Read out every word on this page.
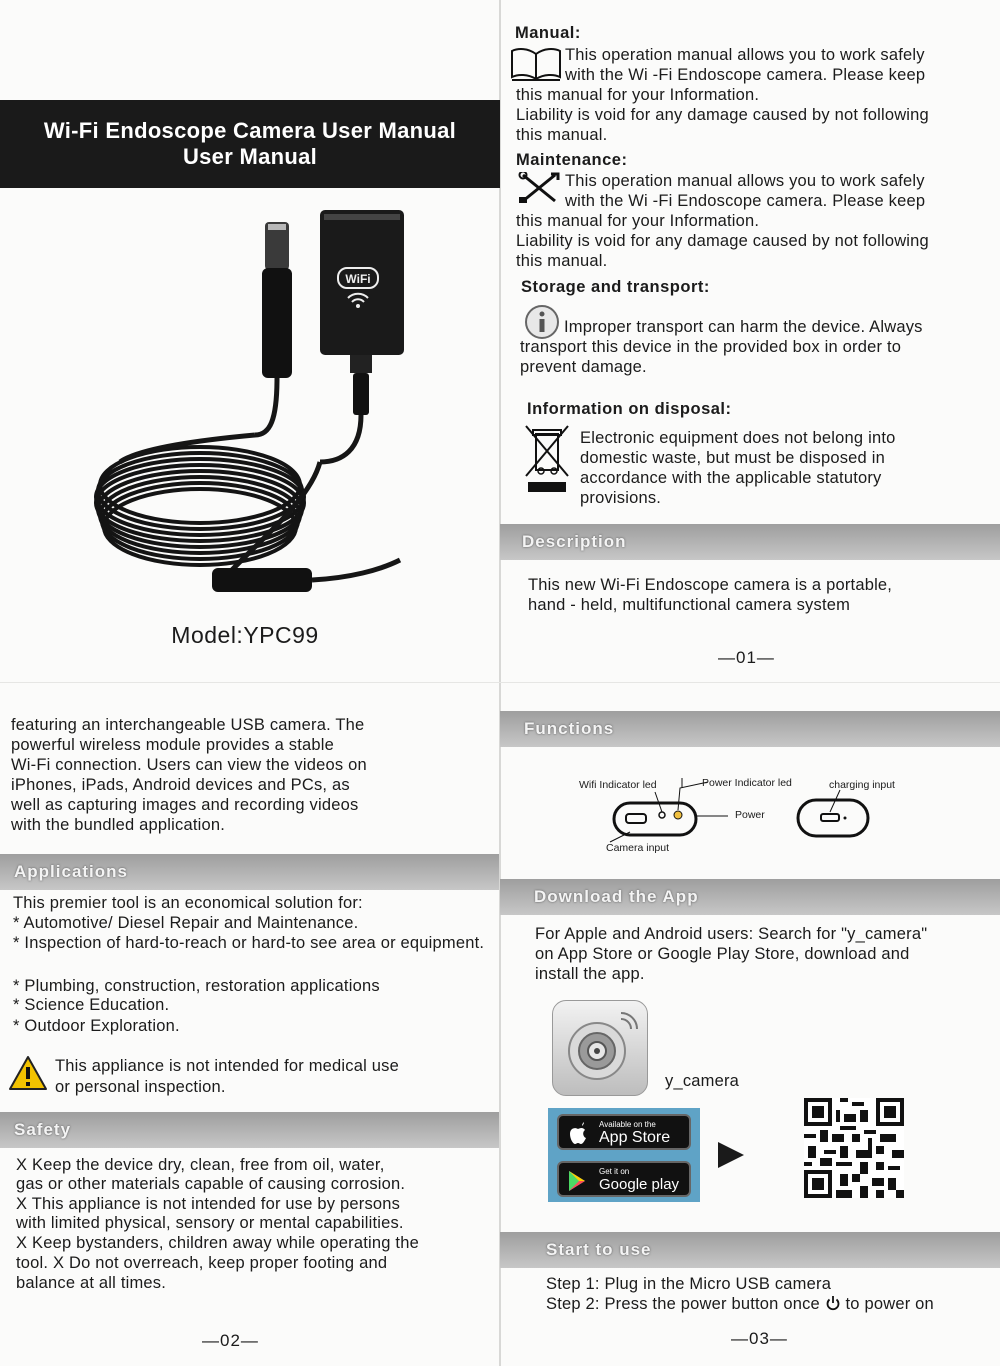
Wi-Fi Endoscope Camera User Manual
User Manual
WiFi
Model:YPC99
Manual:
This operation manual allows you to work safely
with the Wi -Fi Endoscope camera. Please keep
this manual for your Information.
Liability is void for any damage caused by not following
this manual.
Maintenance:
This operation manual allows you to work safely
with the Wi -Fi Endoscope camera. Please keep
this manual for your Information.
Liability is void for any damage caused by not following
this manual.
Storage and transport:
Improper transport can harm the device. Always
transport this device in the provided box in order to
prevent damage.
Information on disposal:
Electronic equipment does not belong into
domestic waste, but must be disposed in
accordance with the applicable statutory
provisions.
Description
This new Wi-Fi Endoscope camera is a portable,
hand - held, multifunctional camera system
—01—
featuring an interchangeable USB camera. The
powerful wireless module provides a stable
Wi-Fi connection. Users can view the videos on
iPhones, iPads, Android devices and PCs, as
well as capturing images and recording videos
with the bundled application.
Applications
This premier tool is an economical solution for:
* Automotive/ Diesel Repair and Maintenance.
* Inspection of hard-to-reach or hard-to see area or equipment.
* Plumbing, construction, restoration applications
* Science Education.
* Outdoor Exploration.
This appliance is not intended for medical use
or personal inspection.
Safety
X Keep the device dry, clean, free from oil, water,
gas or other materials capable of causing corrosion.
X This appliance is not intended for use by persons
with limited physical, sensory or mental capabilities.
X Keep bystanders, children away while operating the
tool. X Do not overreach, keep proper footing and
balance at all times.
—02—
Functions
Wifi Indicator led	Power Indicator led	charging input
Power
Camera input
Download the App
For Apple and Android users: Search for "y_camera"
on App Store or Google Play Store, download and
install the app.
y_camera
Available on the
App Store
Get it on
Google play
Start to use
Step 1: Plug in the Micro USB camera
Step 2: Press the power button once to power on
—03—
